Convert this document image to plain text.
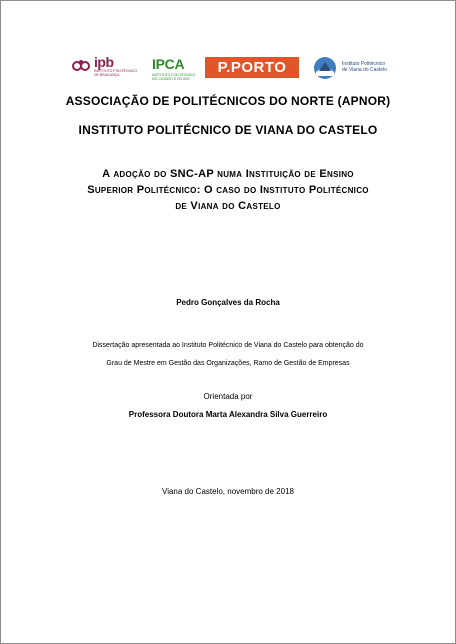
ipb
INSTITUTO POLITÉCNICO
DE BRAGANÇA
IPCA
INSTITUTO POLITÉCNICO
DO CÁVADO E DO AVE
P.PORTO	Instituto Politécnico
de Viana do Castelo
ASSOCIAÇÃO DE POLITÉCNICOS DO NORTE (APNOR)
INSTITUTO POLITÉCNICO DE VIANA DO CASTELO
A adoção do SNC-AP numa Instituição de Ensino
Superior Politécnico: O caso do Instituto Politécnico
de Viana do Castelo
Pedro Gonçalves da Rocha
Dissertação apresentada ao Instituto Politécnico de Viana do Castelo para obtenção do
Grau de Mestre em Gestão das Organizações, Ramo de Gestão de Empresas
Orientada por
Professora Doutora Marta Alexandra Silva Guerreiro
Viana do Castelo, novembro de 2018
